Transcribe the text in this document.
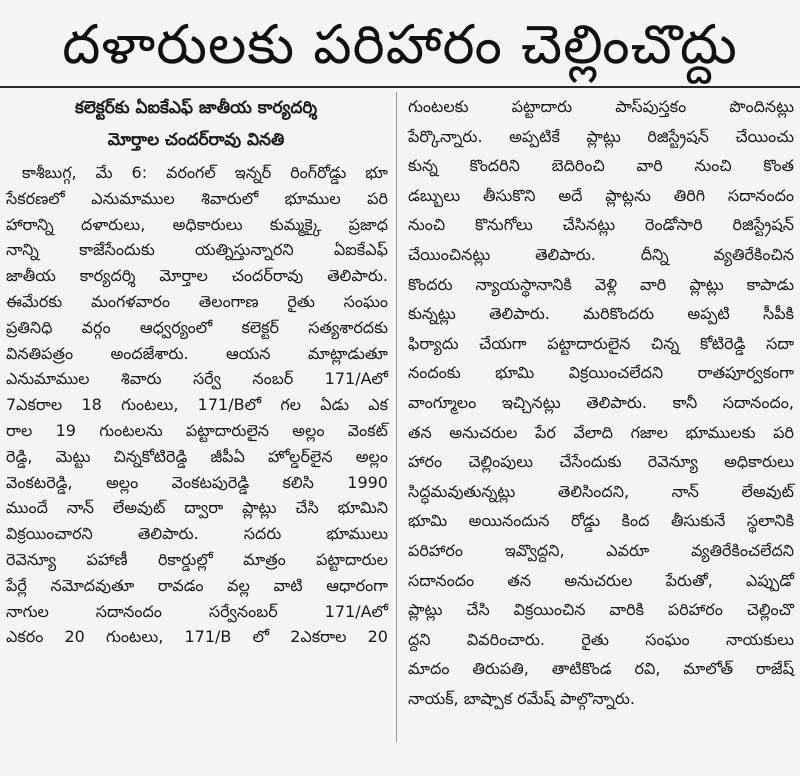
దళారులకు పరిహారం చెల్లించొద్దు
కలెక్టర్‌కు ఏఐకేఎఫ్ జాతీయ కార్యదర్శి
మోర్తాల చందర్‌రావు వినతి
కాశీబుగ్గ, మే 6: వరంగల్ ఇన్నర్ రింగ్‌రోడ్డు భూ
సేకరణలో ఎనుమాముల శివారులో భూముల పరి
హారాన్ని దళారులు, అధికారులు కుమ్మక్కై ప్రజాధ
నాన్ని కాజేసేందుకు యత్నిస్తున్నారని ఏఐకేఎఫ్
జాతీయ కార్యదర్శి మోర్తాల చందర్‌రావు తెలిపారు.
ఈమేరకు మంగళవారం తెలంగాణ రైతు సంఘం
ప్రతినిధి వర్గం ఆధ్వర్యంలో కలెక్టర్ సత్యశారదకు
వినతిపత్రం అందజేశారు. ఆయన మాట్లాడుతూ
ఎనుమాముల శివారు సర్వే నంబర్ 171/Aలో
7ఎకరాల 18 గుంటలు, 171/Bలో గల ఏడు ఎక
రాల 19 గుంటలను పట్టాదారులైన అల్లం వెంకట్
రెడ్డి, మెట్టు చిన్నకోటిరెడ్డి జీపీఏ హోల్డర్‌లైన అల్లం
వెంకటరెడ్డి, అల్లం వెంకటపురెడ్డి కలిసి 1990
ముందే నాన్ లేఅవుట్ ద్వారా ప్లాట్లు చేసి భూమిని
విక్రయించారని తెలిపారు. సదరు భూములు
రెవెన్యూ పహాణీ రికార్డుల్లో మాత్రం పట్టాదారుల
పేర్లే నమోదవుతూ రావడం వల్ల వాటి ఆధారంగా
నాగుల సదానందం సర్వేనంబర్ 171/Aలో
ఎకరం 20 గుంటలు, 171/B లో 2ఎకరాల 20
గుంటలకు పట్టాదారు పాస్‌పుస్తకం పొందినట్లు
పేర్కొన్నారు. అప్పటికే ప్లాట్లు రిజిస్ట్రేషన్ చేయించు
కున్న కొందరిని బెదిరించి వారి నుంచి కొంత
డబ్బులు తీసుకొని అదే ప్లాట్లను తిరిగి సదానందం
నుంచి కొనుగోలు చేసినట్లు రెండోసారి రిజిస్ట్రేషన్
చేయించినట్లు తెలిపారు. దీన్ని వ్యతిరేకించిన
కొందరు న్యాయస్థానానికి వెళ్లి వారి ప్లాట్లు కాపాడు
కున్నట్లు తెలిపారు. మరికొందరు అప్పటి సీపీకి
ఫిర్యాదు చేయగా పట్టాదారులైన చిన్న కోటిరెడ్డి సదా
నందంకు భూమి విక్రయించలేదని రాతపూర్వకంగా
వాంగ్మూలం ఇచ్చినట్లు తెలిపారు. కానీ సదానందం,
తన అనుచరుల పేర వేలాది గజాల భూములకు పరి
హారం చెల్లింపులు చేసేందుకు రెవెన్యూ అధికారులు
సిద్ధమవుతున్నట్లు తెలిసిందని, నాన్ లేఅవుట్
భూమి అయినందున రోడ్డు కింద తీసుకునే స్థలానికి
పరిహారం ఇవ్వొద్దని, ఎవరూ వ్యతిరేకించలేదని
సదానందం తన అనుచరుల పేరుతో, ఎప్పుడో
ప్లాట్లు చేసి విక్రయించిన వారికి పరిహారం చెల్లించొ
ద్దని వివరించారు. రైతు సంఘం నాయకులు
మాదం తిరుపతి, తాటికొండ రవి, మాలోత్ రాజేష్
నాయక్, బాష్పాక రమేష్ పాల్గొన్నారు.
